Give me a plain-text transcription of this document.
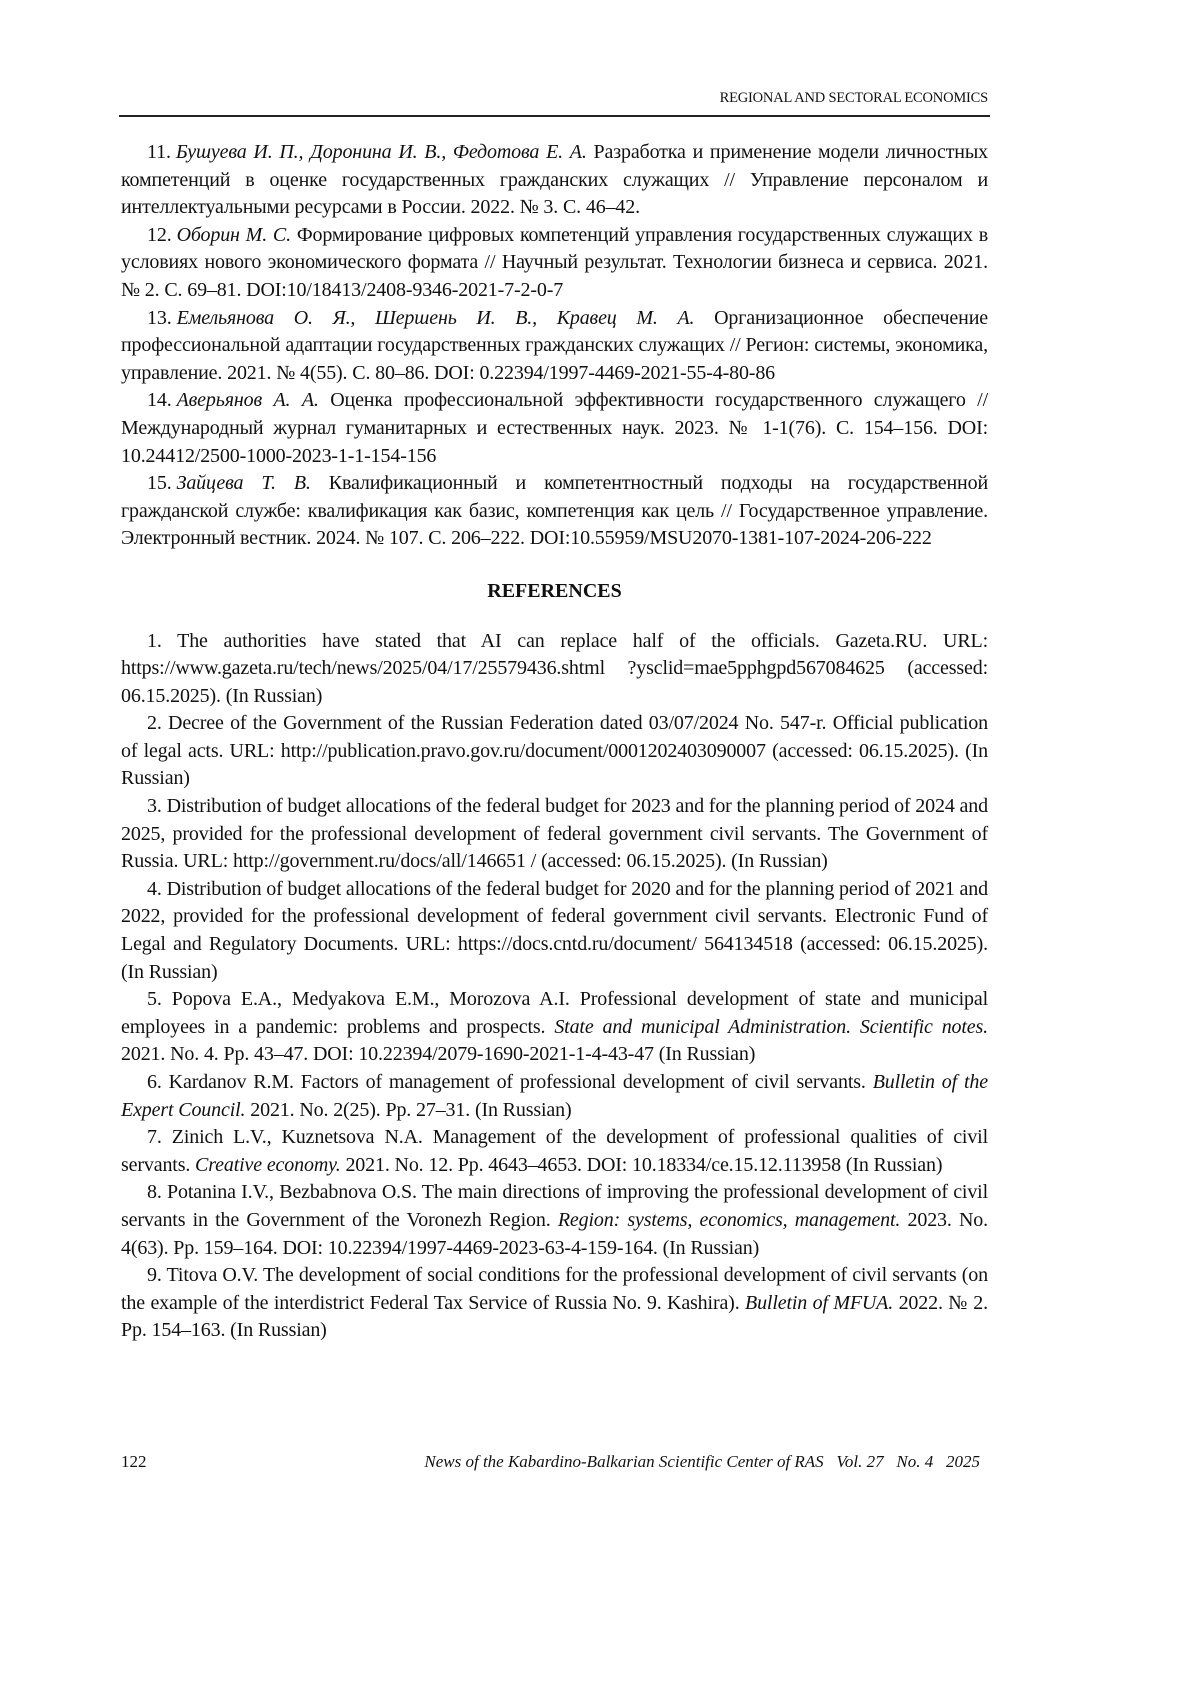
REGIONAL AND SECTORAL ECONOMICS

11. Бушуева И. П., Доронина И. В., Федотова Е. А. Разработка и применение модели личностных компетенций в оценке государственных гражданских служащих // Управление персоналом и интеллектуальными ресурсами в России. 2022. № 3. С. 46–42.

12. Оборин М. С. Формирование цифровых компетенций управления государственных служащих в условиях нового экономического формата // Научный результат. Технологии бизнеса и сервиса. 2021. № 2. С. 69–81. DOI:10/18413/2408-9346-2021-7-2-0-7

13. Емельянова О. Я., Шершень И. В., Кравец М. А. Организационное обеспечение профессиональной адаптации государственных гражданских служащих // Регион: системы, экономика, управление. 2021. № 4(55). С. 80–86. DOI: 0.22394/1997-4469-2021-55-4-80-86

14. Аверьянов А. А. Оценка профессиональной эффективности государственного служащего // Международный журнал гуманитарных и естественных наук. 2023. № 1-1(76). С. 154–156. DOI: 10.24412/2500-1000-2023-1-1-154-156

15. Зайцева Т. В. Квалификационный и компетентностный подходы на государственной гражданской службе: квалификация как базис, компетенция как цель // Государственное управление. Электронный вестник. 2024. № 107. С. 206–222. DOI:10.55959/MSU2070-1381-107-2024-206-222

REFERENCES

1. The authorities have stated that AI can replace half of the officials. Gazeta.RU. URL: https://www.gazeta.ru/tech/news/2025/04/17/25579436.shtml ?ysclid=mae5pphgpd567084625 (accessed: 06.15.2025). (In Russian)

2. Decree of the Government of the Russian Federation dated 03/07/2024 No. 547-r. Official publication of legal acts. URL: http://publication.pravo.gov.ru/document/0001202403090007 (accessed: 06.15.2025). (In Russian)

3. Distribution of budget allocations of the federal budget for 2023 and for the planning period of 2024 and 2025, provided for the professional development of federal government civil servants. The Government of Russia. URL: http://government.ru/docs/all/146651 / (accessed: 06.15.2025). (In Russian)

4. Distribution of budget allocations of the federal budget for 2020 and for the planning period of 2021 and 2022, provided for the professional development of federal government civil servants. Electronic Fund of Legal and Regulatory Documents. URL: https://docs.cntd.ru/document/ 564134518 (accessed: 06.15.2025). (In Russian)

5. Popova E.A., Medyakova E.M., Morozova A.I. Professional development of state and municipal employees in a pandemic: problems and prospects. State and municipal Administration. Scientific notes. 2021. No. 4. Pp. 43–47. DOI: 10.22394/2079-1690-2021-1-4-43-47 (In Russian)

6. Kardanov R.M. Factors of management of professional development of civil servants. Bulletin of the Expert Council. 2021. No. 2(25). Pp. 27–31. (In Russian)

7. Zinich L.V., Kuznetsova N.A. Management of the development of professional qualities of civil servants. Creative economy. 2021. No. 12. Pp. 4643–4653. DOI: 10.18334/ce.15.12.113958 (In Russian)

8. Potanina I.V., Bezbabnova O.S. The main directions of improving the professional development of civil servants in the Government of the Voronezh Region. Region: systems, economics, management. 2023. No. 4(63). Pp. 159–164. DOI: 10.22394/1997-4469-2023-63-4-159-164. (In Russian)

9. Titova O.V. The development of social conditions for the professional development of civil servants (on the example of the interdistrict Federal Tax Service of Russia No. 9. Kashira). Bulletin of MFUA. 2022. № 2. Pp. 154–163. (In Russian)

122	News of the Kabardino-Balkarian Scientific Center of RAS   Vol. 27   No. 4   2025
